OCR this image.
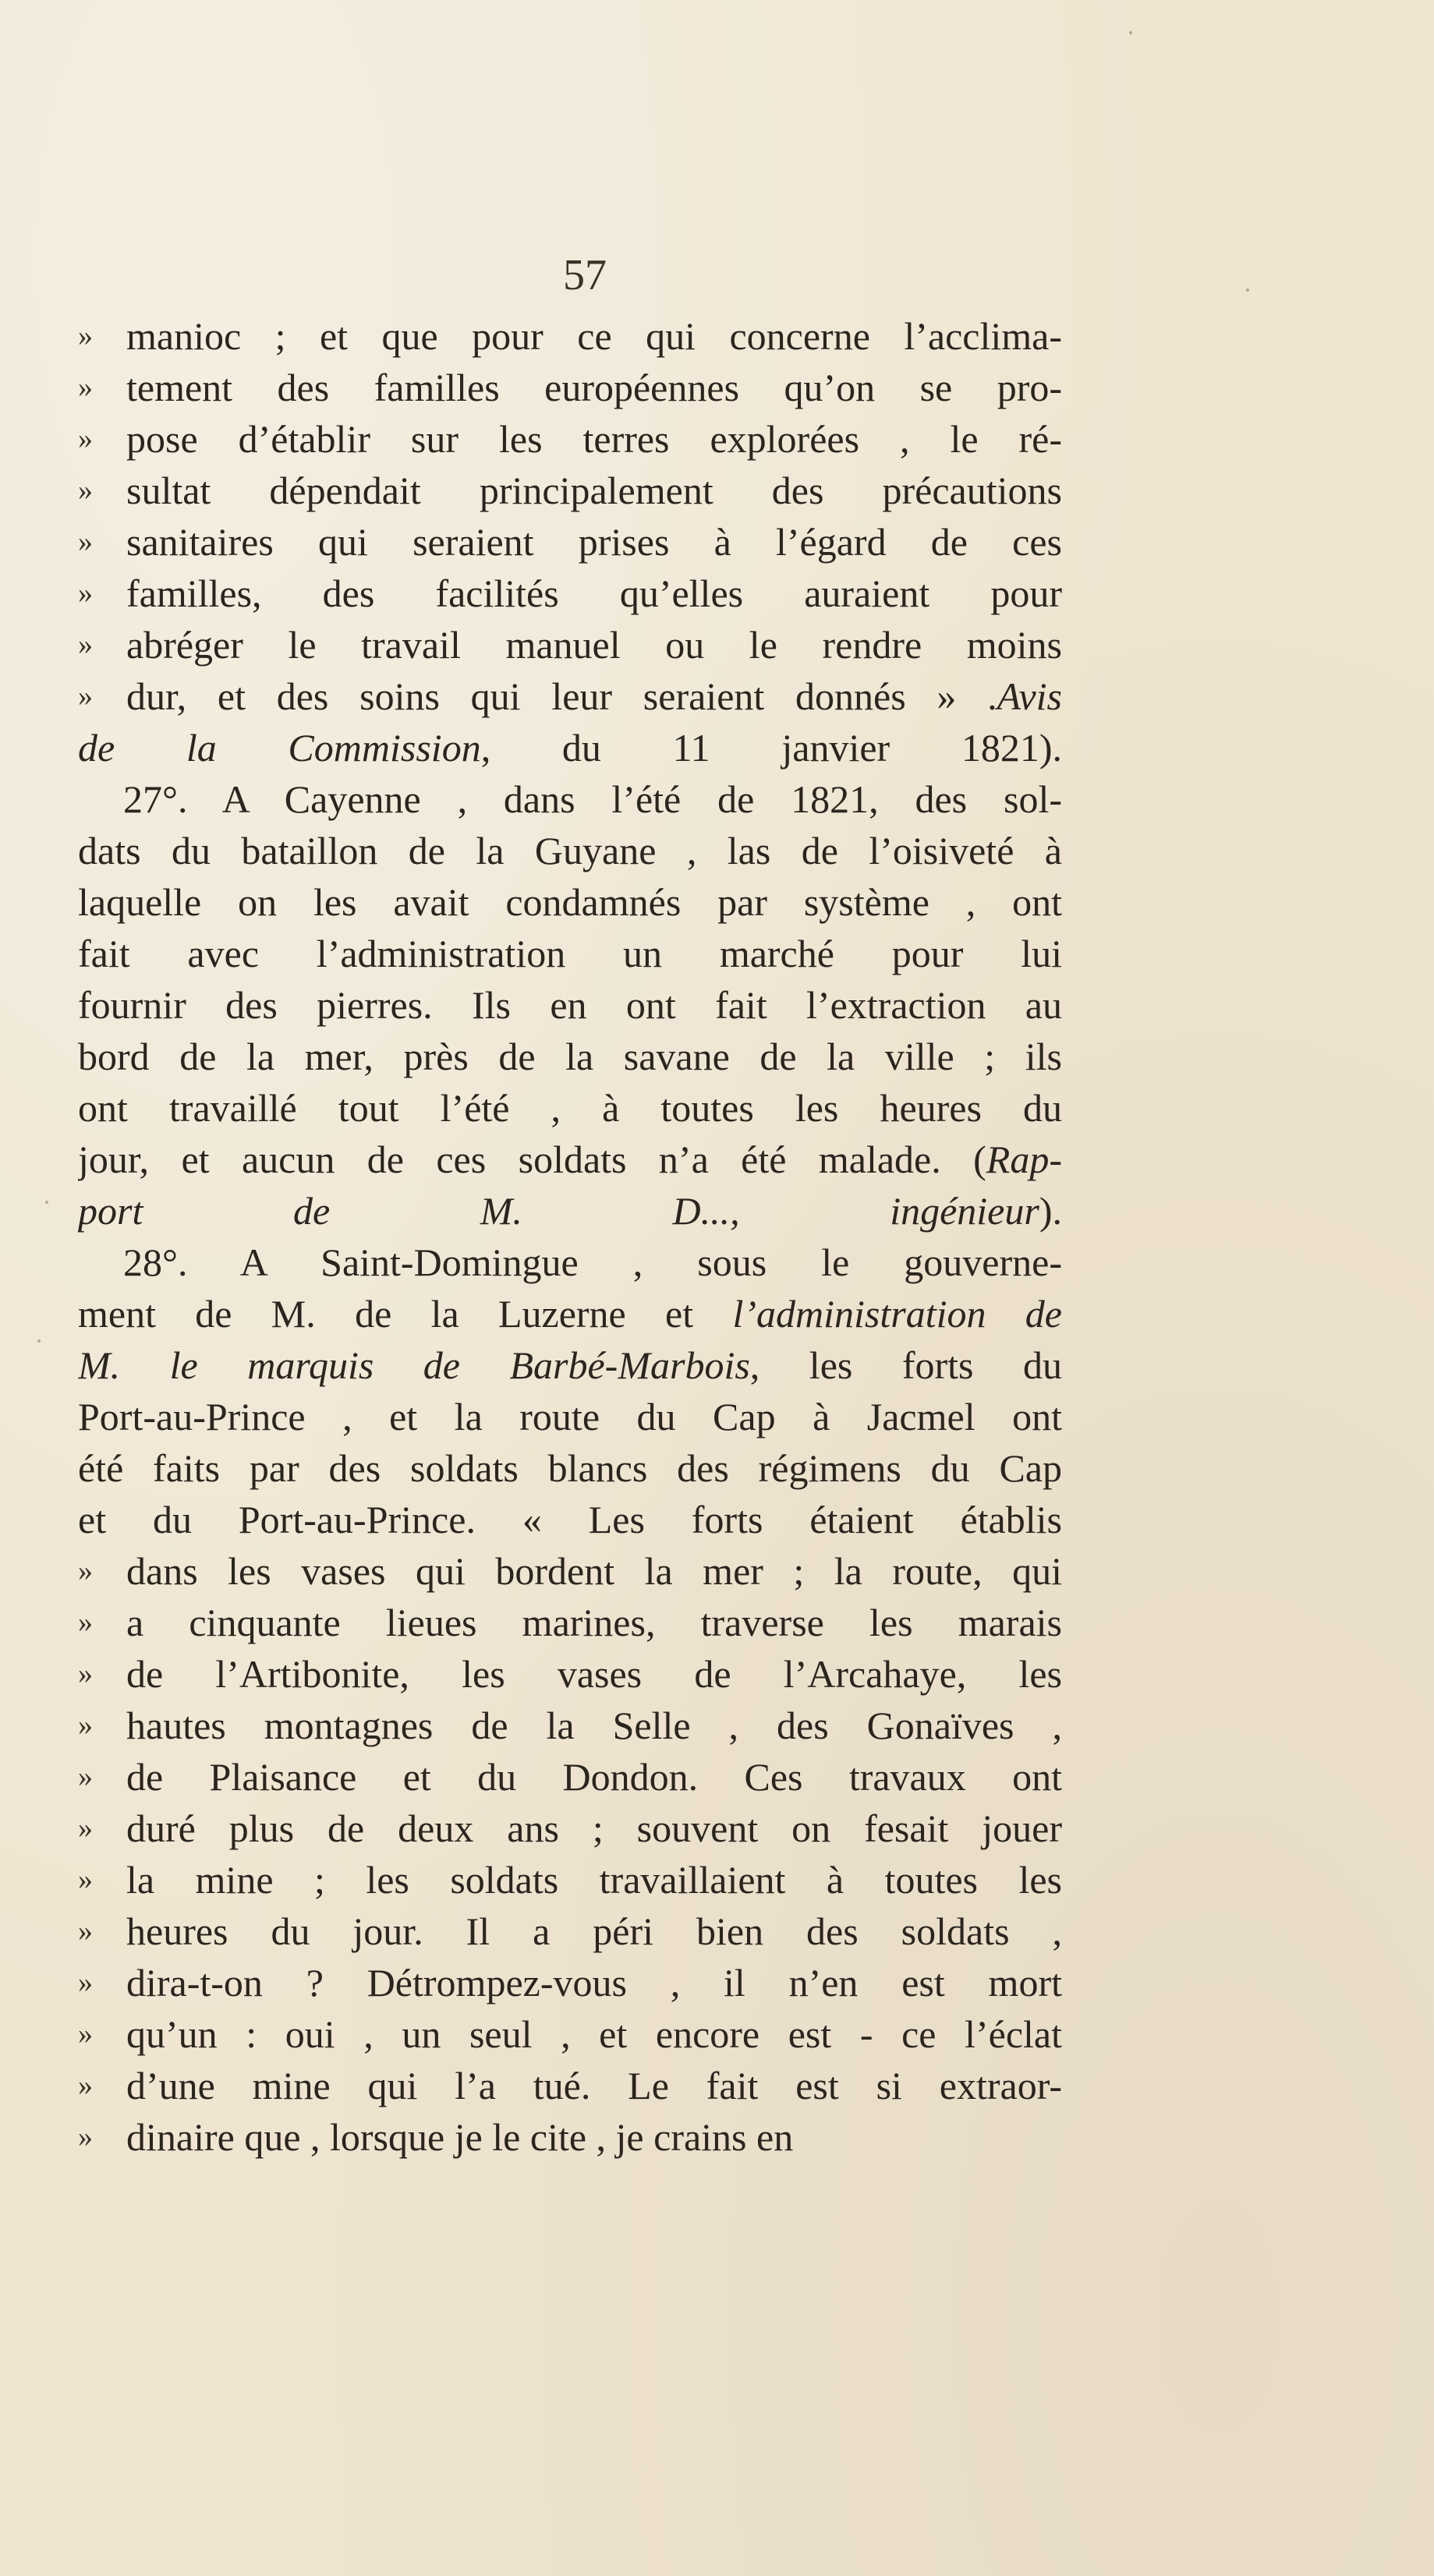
57
» manioc ; et que pour ce qui concerne l’acclima-
» tement des familles européennes qu’on se pro-
» pose d’établir sur les terres explorées , le ré-
» sultat dépendait principalement des précautions
» sanitaires qui seraient prises à l’égard de ces
» familles, des facilités qu’elles auraient pour
» abréger le travail manuel ou le rendre moins
» dur, et des soins qui leur seraient donnés » .Avis
de la Commission, du 11 janvier 1821).
27°. A Cayenne , dans l’été de 1821, des sol-
dats du bataillon de la Guyane , las de l’oisiveté à
laquelle on les avait condamnés par système , ont
fait avec l’administration un marché pour lui
fournir des pierres. Ils en ont fait l’extraction au
bord de la mer, près de la savane de la ville ; ils
ont travaillé tout l’été , à toutes les heures du
jour, et aucun de ces soldats n’a été malade. (Rap-
port de M. D..., ingénieur).
28°. A Saint-Domingue , sous le gouverne-
ment de M. de la Luzerne et l’administration de
M. le marquis de Barbé-Marbois, les forts du
Port-au-Prince , et la route du Cap à Jacmel ont
été faits par des soldats blancs des régimens du Cap
et du Port-au-Prince. « Les forts étaient établis
» dans les vases qui bordent la mer ; la route, qui
» a cinquante lieues marines, traverse les marais
» de l’Artibonite, les vases de l’Arcahaye, les
» hautes montagnes de la Selle , des Gonaïves ,
» de Plaisance et du Dondon. Ces travaux ont
» duré plus de deux ans ; souvent on fesait jouer
» la mine ; les soldats travaillaient à toutes les
» heures du jour. Il a péri bien des soldats ,
» dira-t-on ? Détrompez-vous , il n’en est mort
» qu’un : oui , un seul , et encore est - ce l’éclat
» d’une mine qui l’a tué. Le fait est si extraor-
» dinaire que , lorsque je le cite , je crains en
